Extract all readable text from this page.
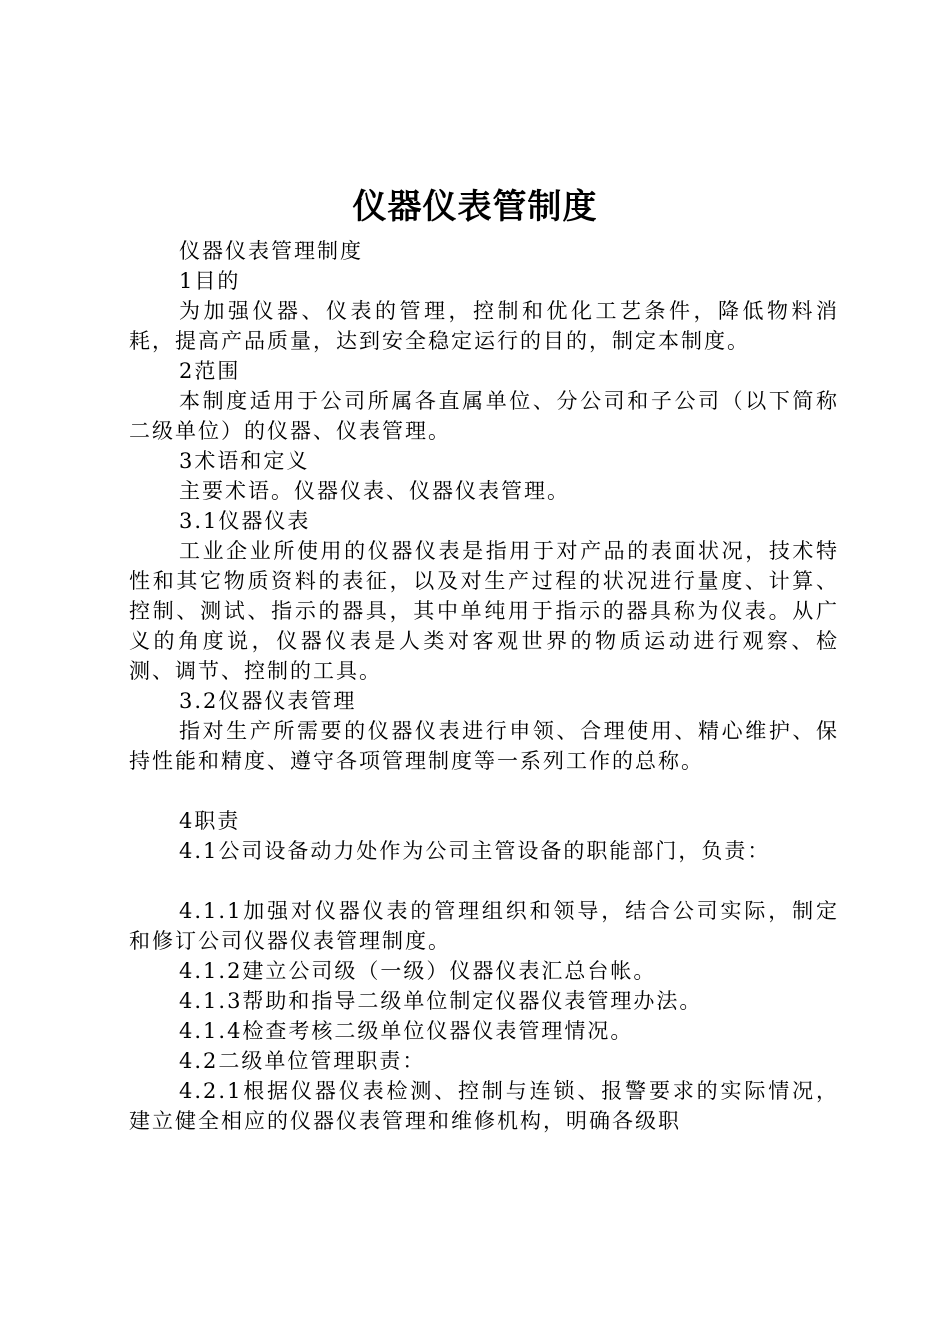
仪器仪表管制度

仪器仪表管理制度

1目的

为加强仪器、仪表的管理，控制和优化工艺条件，降低物料消耗，提高产品质量，达到安全稳定运行的目的，制定本制度。

2范围

本制度适用于公司所属各直属单位、分公司和子公司（以下简称二级单位）的仪器、仪表管理。

3术语和定义

主要术语。仪器仪表、仪器仪表管理。

3.1仪器仪表

工业企业所使用的仪器仪表是指用于对产品的表面状况，技术特性和其它物质资料的表征，以及对生产过程的状况进行量度、计算、控制、测试、指示的器具，其中单纯用于指示的器具称为仪表。从广义的角度说，仪器仪表是人类对客观世界的物质运动进行观察、检测、调节、控制的工具。

3.2仪器仪表管理

指对生产所需要的仪器仪表进行申领、合理使用、精心维护、保持性能和精度、遵守各项管理制度等一系列工作的总称。

4职责

4.1公司设备动力处作为公司主管设备的职能部门，负责：

4.1.1加强对仪器仪表的管理组织和领导，结合公司实际，制定和修订公司仪器仪表管理制度。

4.1.2建立公司级（一级）仪器仪表汇总台帐。

4.1.3帮助和指导二级单位制定仪器仪表管理办法。

4.1.4检查考核二级单位仪器仪表管理情况。

4.2二级单位管理职责：

4.2.1根据仪器仪表检测、控制与连锁、报警要求的实际情况，建立健全相应的仪器仪表管理和维修机构，明确各级职
